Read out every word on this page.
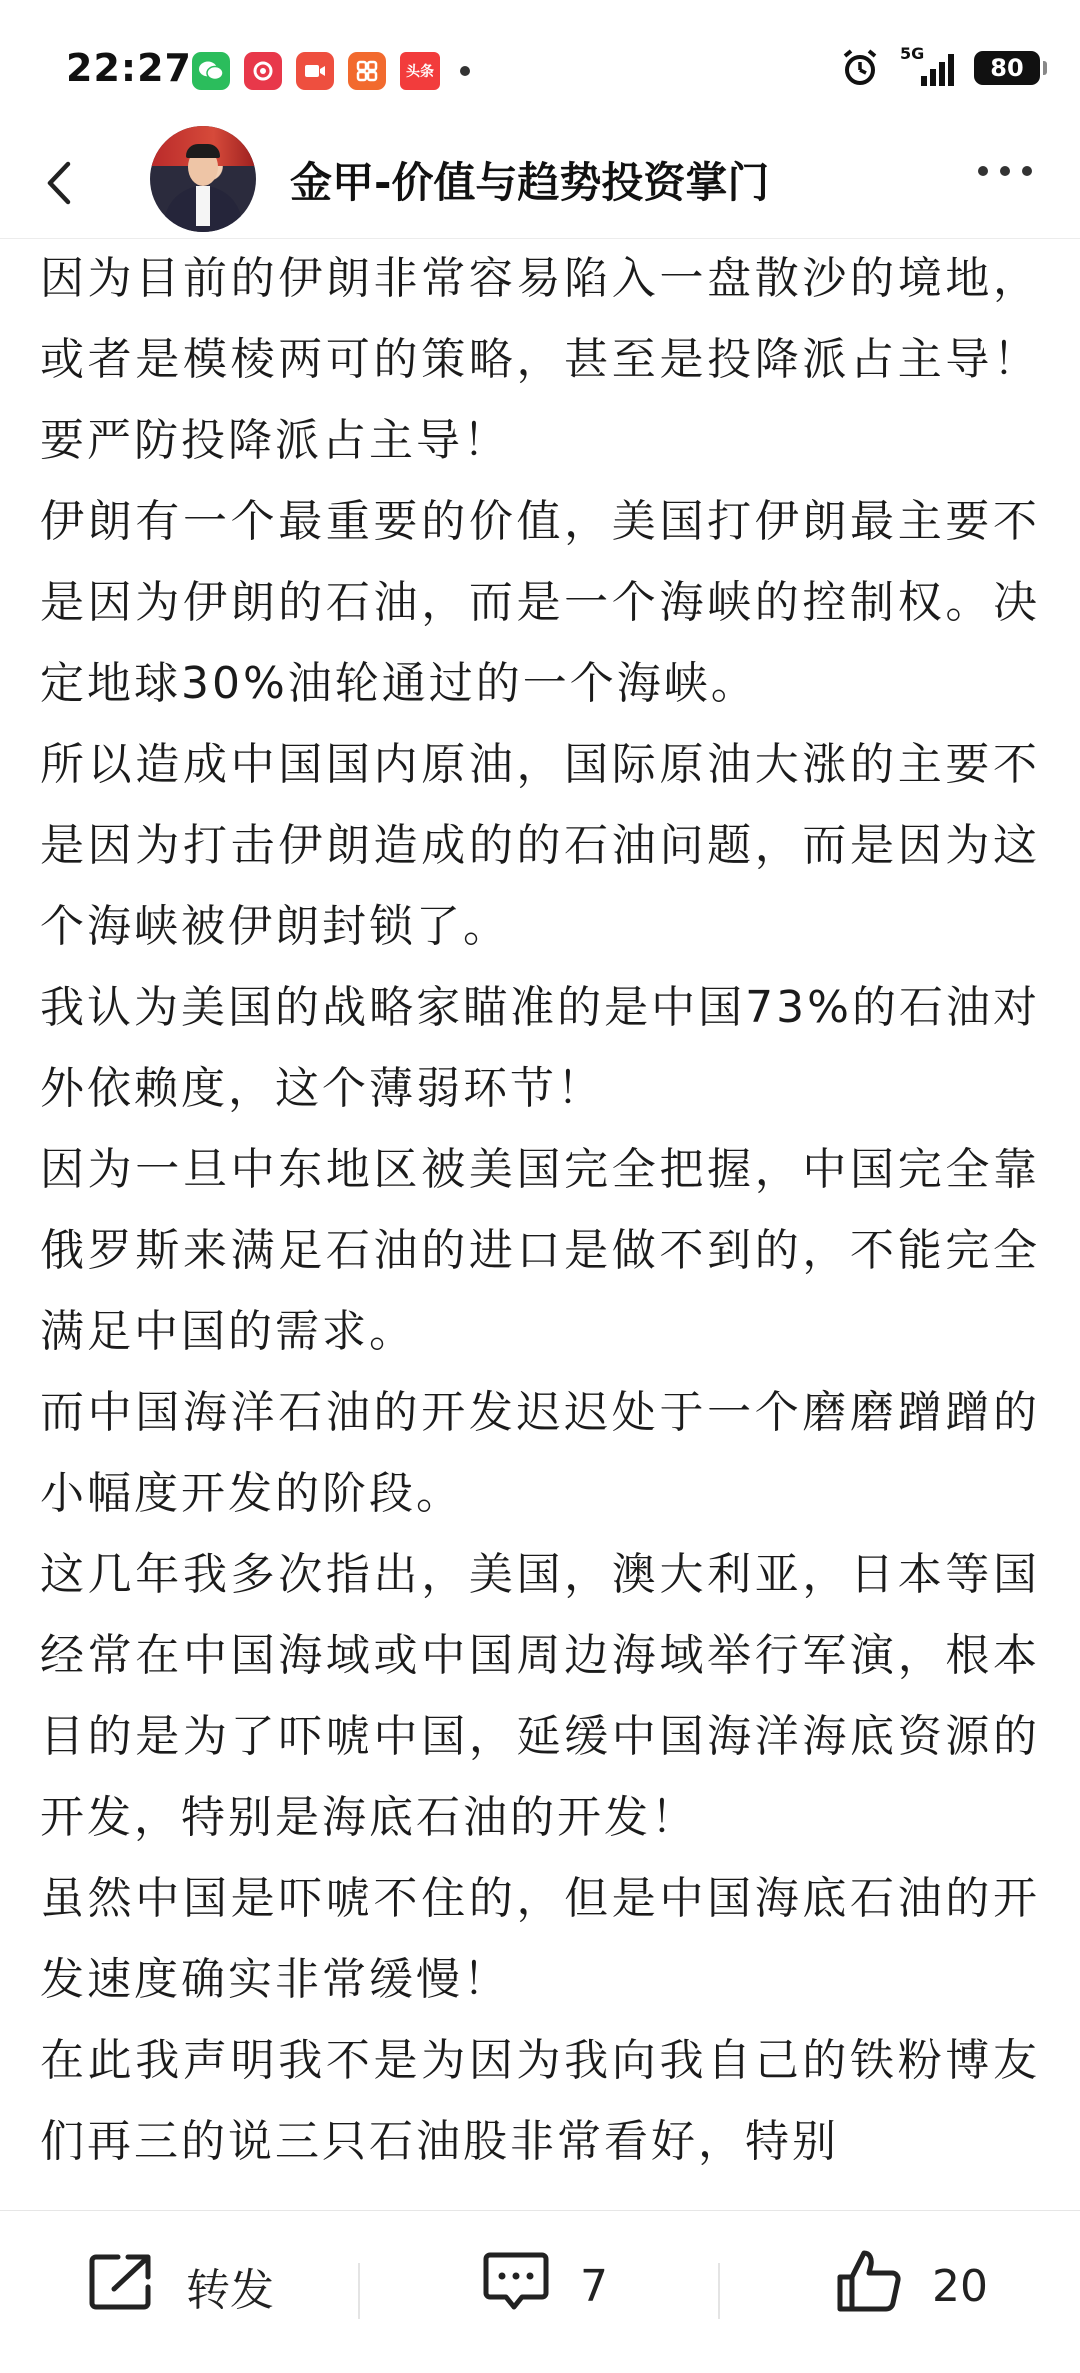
22:27	头条
5G
80
金甲-价值与趋势投资掌门

因为目前的伊朗非常容易陷入一盘散沙的境地，或者是模棱两可的策略，甚至是投降派占主导！要严防投降派占主导！

伊朗有一个最重要的价值，美国打伊朗最主要不是因为伊朗的石油，而是一个海峡的控制权。决定地球30%油轮通过的一个海峡。

所以造成中国国内原油，国际原油大涨的主要不是因为打击伊朗造成的的石油问题，而是因为这个海峡被伊朗封锁了。

我认为美国的战略家瞄准的是中国73%的石油对外依赖度，这个薄弱环节！

因为一旦中东地区被美国完全把握，中国完全靠俄罗斯来满足石油的进口是做不到的，不能完全满足中国的需求。

而中国海洋石油的开发迟迟处于一个磨磨蹭蹭的小幅度开发的阶段。

这几年我多次指出，美国，澳大利亚，日本等国经常在中国海域或中国周边海域举行军演，根本目的是为了吓唬中国，延缓中国海洋海底资源的开发，特别是海底石油的开发！

虽然中国是吓唬不住的，但是中国海底石油的开发速度确实非常缓慢！

在此我声明我不是为因为我向我自己的铁粉博友们再三的说三只石油股非常看好，特别

转发	7	20
